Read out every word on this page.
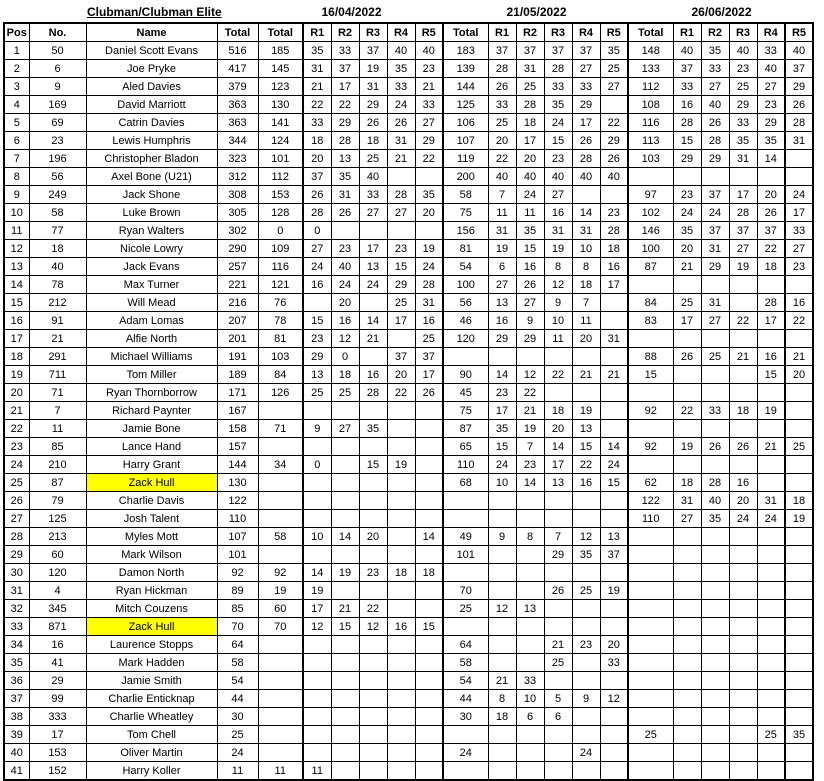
Clubman/Clubman Elite	16/04/2022	21/05/2022	26/06/2022
Pos	No.	Name	Total	Total	R1	R2	R3	R4	R5	Total	R1	R2	R3	R4	R5	Total	R1	R2	R3	R4	R5
1	50	Daniel Scott Evans	516	185	35	33	37	40	40	183	37	37	37	37	35	148	40	35	40	33	40
2	6	Joe Pryke	417	145	31	37	19	35	23	139	28	31	28	27	25	133	37	33	23	40	37
3	9	Aled Davies	379	123	21	17	31	33	21	144	26	25	33	33	27	112	33	27	25	27	29
4	169	David Marriott	363	130	22	22	29	24	33	125	33	28	35	29		108	16	40	29	23	26
5	69	Catrin Davies	363	141	33	29	26	26	27	106	25	18	24	17	22	116	28	26	33	29	28
6	23	Lewis Humphris	344	124	18	28	18	31	29	107	20	17	15	26	29	113	15	28	35	35	31
7	196	Christopher Bladon	323	101	20	13	25	21	22	119	22	20	23	28	26	103	29	29	31	14	
8	56	Axel Bone (U21)	312	112	37	35	40			200	40	40	40	40	40						
9	249	Jack Shone	308	153	26	31	33	28	35	58	7	24	27			97	23	37	17	20	24
10	58	Luke Brown	305	128	28	26	27	27	20	75	11	11	16	14	23	102	24	24	28	26	17
11	77	Ryan Walters	302	0	0					156	31	35	31	31	28	146	35	37	37	37	33
12	18	Nicole Lowry	290	109	27	23	17	23	19	81	19	15	19	10	18	100	20	31	27	22	27
13	40	Jack Evans	257	116	24	40	13	15	24	54	6	16	8	8	16	87	21	29	19	18	23
14	78	Max Turner	221	121	16	24	24	29	28	100	27	26	12	18	17						
15	212	Will Mead	216	76		20		25	31	56	13	27	9	7		84	25	31		28	16
16	91	Adam Lomas	207	78	15	16	14	17	16	46	16	9	10	11		83	17	27	22	17	22
17	21	Alfie North	201	81	23	12	21		25	120	29	29	11	20	31						
18	291	Michael Williams	191	103	29	0		37	37							88	26	25	21	16	21
19	711	Tom Miller	189	84	13	18	16	20	17	90	14	12	22	21	21	15				15	20
20	71	Ryan Thornborrow	171	126	25	25	28	22	26	45	23	22									
21	7	Richard Paynter	167							75	17	21	18	19		92	22	33	18	19	
22	11	Jamie Bone	158	71	9	27	35			87	35	19	20	13							
23	85	Lance Hand	157							65	15	7	14	15	14	92	19	26	26	21	25
24	210	Harry Grant	144	34	0		15	19		110	24	23	17	22	24						
25	87	Zack Hull	130							68	10	14	13	16	15	62	18	28	16		
26	79	Charlie Davis	122													122	31	40	20	31	18
27	125	Josh Talent	110													110	27	35	24	24	19
28	213	Myles Mott	107	58	10	14	20		14	49	9	8	7	12	13						
29	60	Mark Wilson	101							101			29	35	37						
30	120	Damon North	92	92	14	19	23	18	18												
31	4	Ryan Hickman	89	19	19					70			26	25	19						
32	345	Mitch Couzens	85	60	17	21	22			25	12	13									
33	871	Zack Hull	70	70	12	15	12	16	15												
34	16	Laurence Stopps	64							64			21	23	20						
35	41	Mark Hadden	58							58			25		33						
36	29	Jamie Smith	54							54	21	33									
37	99	Charlie Enticknap	44							44	8	10	5	9	12						
38	333	Charlie Wheatley	30							30	18	6	6								
39	17	Tom Chell	25													25				25	35
40	153	Oliver Martin	24							24				24							
41	152	Harry Koller	11	11	11																
